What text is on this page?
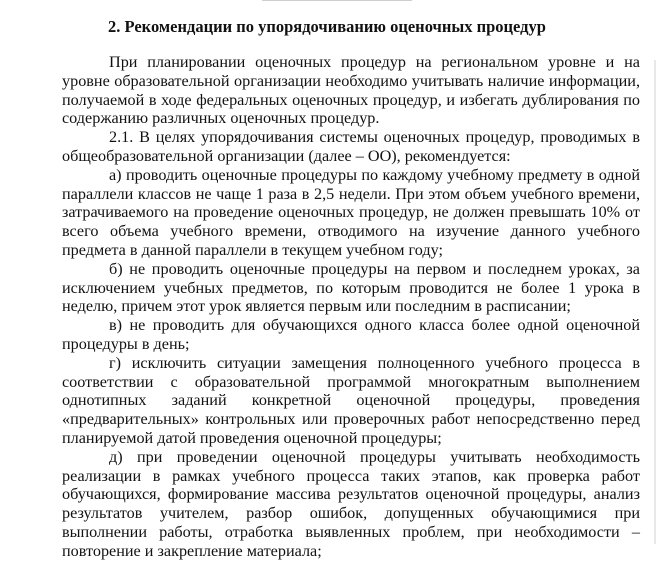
2. Рекомендации по упорядочиванию оценочных процедур

При планировании оценочных процедур на региональном уровне и на уровне образовательной организации необходимо учитывать наличие информации, получаемой в ходе федеральных оценочных процедур, и избегать дублирования по содержанию различных оценочных процедур.

2.1. В целях упорядочивания системы оценочных процедур, проводимых в общеобразовательной организации (далее – ОО), рекомендуется:

а) проводить оценочные процедуры по каждому учебному предмету в одной параллели классов не чаще 1 раза в 2,5 недели. При этом объем учебного времени, затрачиваемого на проведение оценочных процедур, не должен превышать 10% от всего объема учебного времени, отводимого на изучение данного учебного предмета в данной параллели в текущем учебном году;

б) не проводить оценочные процедуры на первом и последнем уроках, за исключением учебных предметов, по которым проводится не более 1 урока в неделю, причем этот урок является первым или последним в расписании;

в) не проводить для обучающихся одного класса более одной оценочной процедуры в день;

г) исключить ситуации замещения полноценного учебного процесса в соответствии с образовательной программой многократным выполнением однотипных заданий конкретной оценочной процедуры, проведения «предварительных» контрольных или проверочных работ непосредственно перед планируемой датой проведения оценочной процедуры;

д) при проведении оценочной процедуры учитывать необходимость реализации в рамках учебного процесса таких этапов, как проверка работ обучающихся, формирование массива результатов оценочной процедуры, анализ результатов учителем, разбор ошибок, допущенных обучающимися при выполнении работы, отработка выявленных проблем, при необходимости – повторение и закрепление материала;
